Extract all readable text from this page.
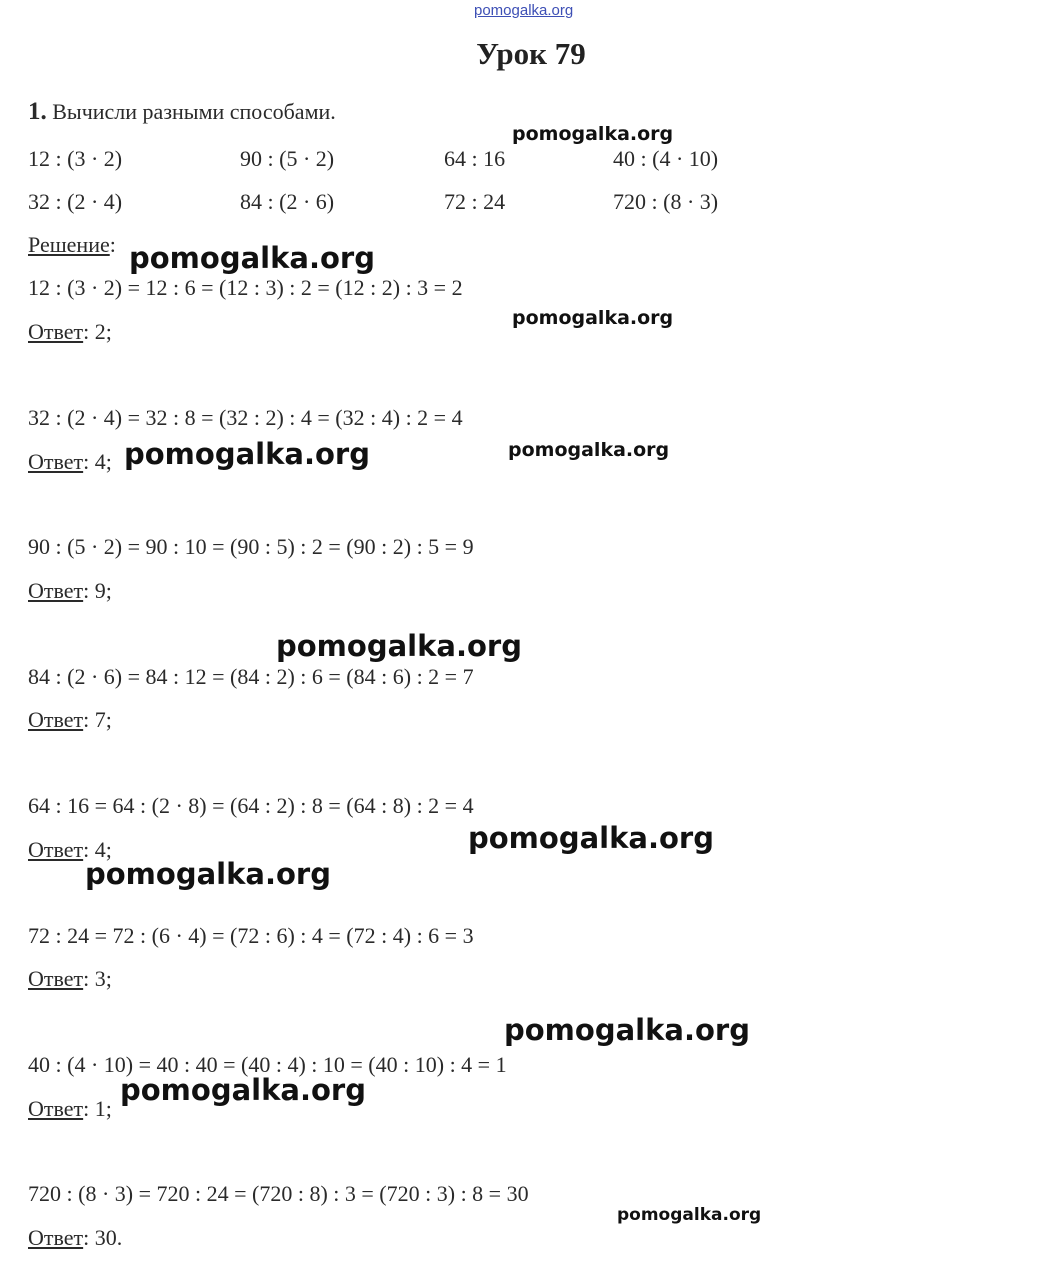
pomogalka.org
Урок 79
1. Вычисли разными способами.
12 : (3 · 2)	90 : (5 · 2)	64 : 16	40 : (4 · 10)
32 : (2 · 4)	84 : (2 · 6)	72 : 24	720 : (8 · 3)
Решение:
12 : (3 · 2) = 12 : 6 = (12 : 3) : 2 = (12 : 2) : 3 = 2
Ответ: 2;
32 : (2 · 4) = 32 : 8 = (32 : 2) : 4 = (32 : 4) : 2 = 4
Ответ: 4;
90 : (5 · 2) = 90 : 10 = (90 : 5) : 2 = (90 : 2) : 5 = 9
Ответ: 9;
84 : (2 · 6) = 84 : 12 = (84 : 2) : 6 = (84 : 6) : 2 = 7
Ответ: 7;
64 : 16 = 64 : (2 · 8) = (64 : 2) : 8 = (64 : 8) : 2 = 4
Ответ: 4;
72 : 24 = 72 : (6 · 4) = (72 : 6) : 4 = (72 : 4) : 6 = 3
Ответ: 3;
40 : (4 · 10) = 40 : 40 = (40 : 4) : 10 = (40 : 10) : 4 = 1
Ответ: 1;
720 : (8 · 3) = 720 : 24 = (720 : 8) : 3 = (720 : 3) : 8 = 30
Ответ: 30.
pomogalka.org
pomogalka.org
pomogalka.org
pomogalka.org	pomogalka.org
pomogalka.org
pomogalka.org
pomogalka.org
pomogalka.org
pomogalka.org
pomogalka.org
